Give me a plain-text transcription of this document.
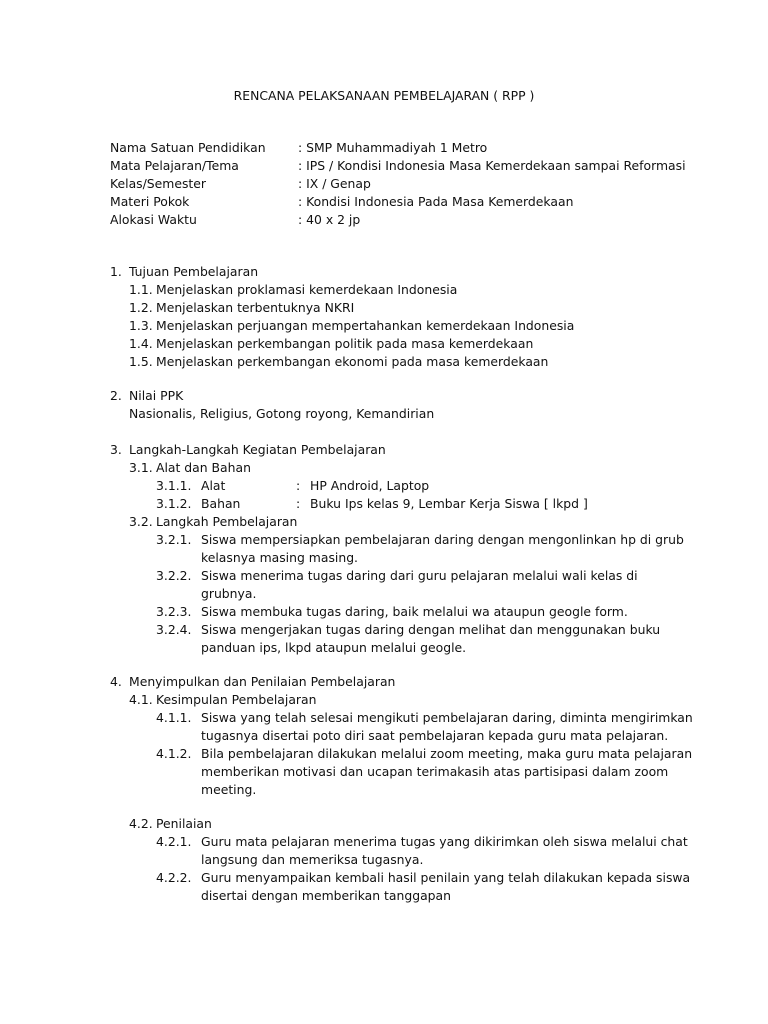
RENCANA PELAKSANAAN PEMBELAJARAN ( RPP )
Nama Satuan Pendidikan	: SMP Muhammadiyah 1 Metro
Mata Pelajaran/Tema	: IPS / Kondisi Indonesia Masa Kemerdekaan sampai Reformasi
Kelas/Semester	: IX / Genap
Materi Pokok	: Kondisi Indonesia Pada Masa Kemerdekaan
Alokasi Waktu	: 40 x 2 jp
1. Tujuan Pembelajaran
1.1. Menjelaskan proklamasi kemerdekaan Indonesia
1.2. Menjelaskan terbentuknya NKRI
1.3. Menjelaskan perjuangan mempertahankan kemerdekaan Indonesia
1.4. Menjelaskan perkembangan politik pada masa kemerdekaan
1.5. Menjelaskan perkembangan ekonomi pada masa kemerdekaan
2. Nilai PPK
Nasionalis, Religius, Gotong royong, Kemandirian
3. Langkah-Langkah Kegiatan Pembelajaran
3.1. Alat dan Bahan
3.1.1. Alat	: HP Android, Laptop
3.1.2. Bahan	: Buku Ips kelas 9, Lembar Kerja Siswa [ lkpd ]
3.2. Langkah Pembelajaran
3.2.1. Siswa mempersiapkan pembelajaran daring dengan mengonlinkan hp di grub
kelasnya masing masing.
3.2.2. Siswa menerima tugas daring dari guru pelajaran melalui wali kelas di
grubnya.
3.2.3. Siswa membuka tugas daring, baik melalui wa ataupun geogle form.
3.2.4. Siswa mengerjakan tugas daring dengan melihat dan menggunakan buku
panduan ips, lkpd ataupun melalui geogle.
4. Menyimpulkan dan Penilaian Pembelajaran
4.1. Kesimpulan Pembelajaran
4.1.1. Siswa yang telah selesai mengikuti pembelajaran daring, diminta mengirimkan
tugasnya disertai poto diri saat pembelajaran kepada guru mata pelajaran.
4.1.2. Bila pembelajaran dilakukan melalui zoom meeting, maka guru mata pelajaran
memberikan motivasi dan ucapan terimakasih atas partisipasi dalam zoom
meeting.
4.2. Penilaian
4.2.1. Guru mata pelajaran menerima tugas yang dikirimkan oleh siswa melalui chat
langsung dan memeriksa tugasnya.
4.2.2. Guru menyampaikan kembali hasil penilain yang telah dilakukan kepada siswa
disertai dengan memberikan tanggapan
